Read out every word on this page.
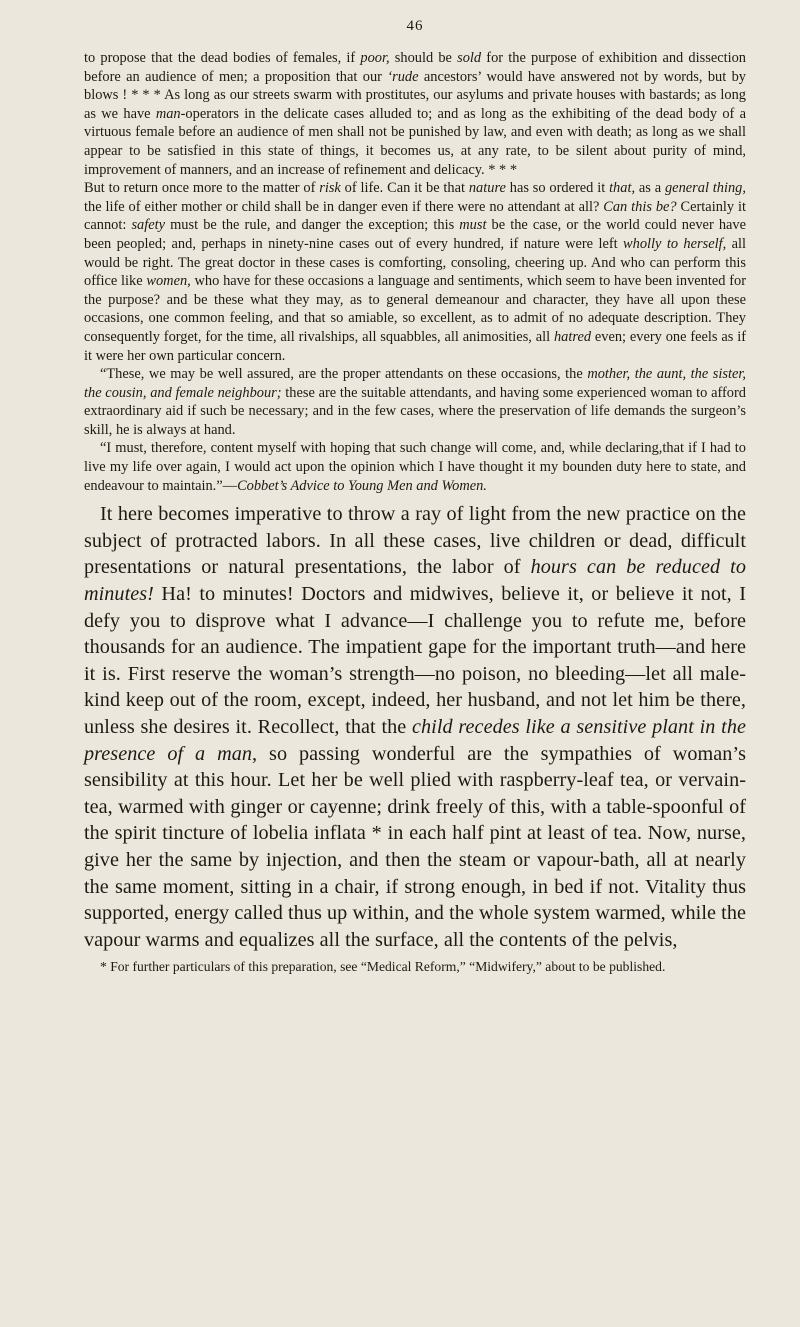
46

to propose that the dead bodies of females, if poor, should be sold for the purpose of exhibition and dissection before an audience of men; a proposition that our ‘rude ancestors’ would have answered not by words, but by blows ! * * * As long as our streets swarm with prostitutes, our asylums and private houses with bastards; as long as we have man-operators in the delicate cases alluded to; and as long as the exhibiting of the dead body of a virtuous female before an audience of men shall not be punished by law, and even with death; as long as we shall appear to be satisfied in this state of things, it becomes us, at any rate, to be silent about purity of mind, improvement of manners, and an increase of refinement and delicacy. * * *

But to return once more to the matter of risk of life. Can it be that nature has so ordered it that, as a general thing, the life of either mother or child shall be in danger even if there were no attendant at all? Can this be? Certainly it cannot: safety must be the rule, and danger the exception; this must be the case, or the world could never have been peopled; and, perhaps in ninety-nine cases out of every hundred, if nature were left wholly to herself, all would be right. The great doctor in these cases is comforting, consoling, cheering up. And who can perform this office like women, who have for these occasions a language and sentiments, which seem to have been invented for the purpose? and be these what they may, as to general demeanour and character, they have all upon these occasions, one common feeling, and that so amiable, so excellent, as to admit of no adequate description. They consequently forget, for the time, all rivalships, all squabbles, all animosities, all hatred even; every one feels as if it were her own particular concern.

“These, we may be well assured, are the proper attendants on these occasions, the mother, the aunt, the sister, the cousin, and female neighbour; these are the suitable attendants, and having some experienced woman to afford extraordinary aid if such be necessary; and in the few cases, where the preservation of life demands the surgeon’s skill, he is always at hand.

“I must, therefore, content myself with hoping that such change will come, and, while declaring,that if I had to live my life over again, I would act upon the opinion which I have thought it my bounden duty here to state, and endeavour to maintain.”—Cobbet’s Advice to Young Men and Women.

It here becomes imperative to throw a ray of light from the new practice on the subject of protracted labors. In all these cases, live children or dead, difficult presentations or natural presentations, the labor of hours can be reduced to minutes! Ha! to minutes! Doctors and midwives, believe it, or believe it not, I defy you to disprove what I advance—I challenge you to refute me, before thousands for an audience. The impatient gape for the important truth—and here it is. First reserve the woman’s strength—no poison, no bleeding—let all male-kind keep out of the room, except, indeed, her husband, and not let him be there, unless she desires it. Recollect, that the child recedes like a sensitive plant in the presence of a man, so passing wonderful are the sympathies of woman’s sensibility at this hour. Let her be well plied with raspberry-leaf tea, or vervain-tea, warmed with ginger or cayenne; drink freely of this, with a table-spoonful of the spirit tincture of lobelia inflata * in each half pint at least of tea. Now, nurse, give her the same by injection, and then the steam or vapour-bath, all at nearly the same moment, sitting in a chair, if strong enough, in bed if not. Vitality thus supported, energy called thus up within, and the whole system warmed, while the vapour warms and equalizes all the surface, all the contents of the pelvis,

* For further particulars of this preparation, see “Medical Reform,” “Midwifery,” about to be published.
